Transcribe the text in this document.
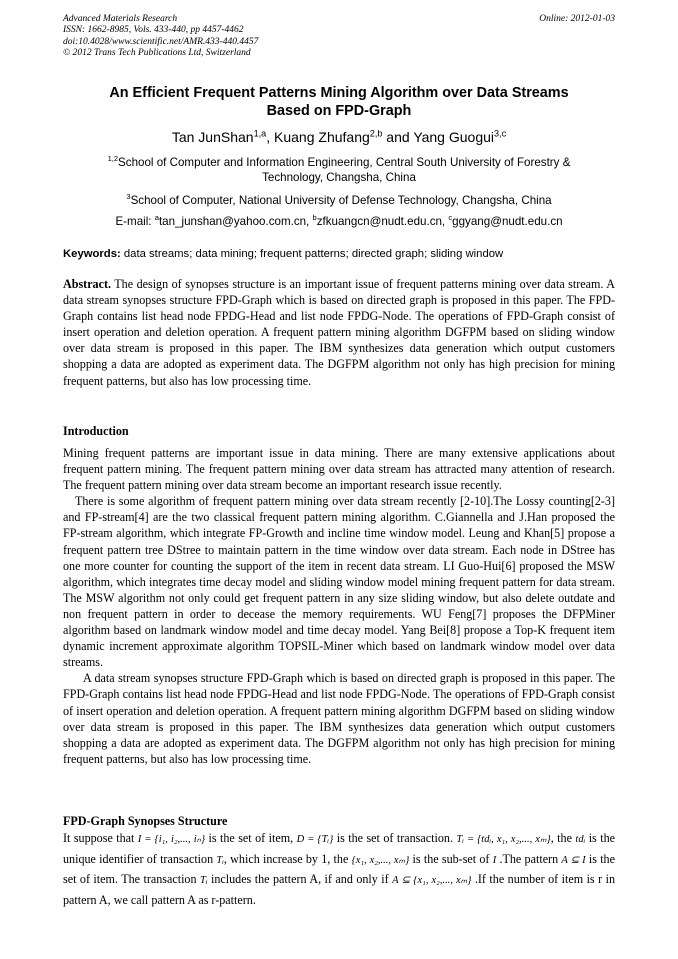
Advanced Materials Research
ISSN: 1662-8985, Vols. 433-440, pp 4457-4462
doi:10.4028/www.scientific.net/AMR.433-440.4457
© 2012 Trans Tech Publications Ltd, Switzerland
Online: 2012-01-03
An Efficient Frequent Patterns Mining Algorithm over Data Streams
Based on FPD-Graph
Tan JunShan$^{1,a}$, Kuang Zhufang$^{2,b}$ and Yang Guogui$^{3,c}$
$^{1,2}$School of Computer and Information Engineering, Central South University of Forestry &
Technology, Changsha, China
$^3$School of Computer, National University of Defense Technology, Changsha, China
E-mail: $^a$tan_junshan@yahoo.com.cn, $^b$zfkuangcn@nudt.edu.cn, $^c$ggyang@nudt.edu.cn
Keywords: data streams; data mining; frequent patterns; directed graph; sliding window
Abstract. The design of synopses structure is an important issue of frequent patterns mining over data stream. A data stream synopses structure FPD-Graph which is based on directed graph is proposed in this paper. The FPD-Graph contains list head node FPDG-Head and list node FPDG-Node. The operations of FPD-Graph consist of insert operation and deletion operation. A frequent pattern mining algorithm DGFPM based on sliding window over data stream is proposed in this paper. The IBM synthesizes data generation which output customers shopping a data are adopted as experiment data. The DGFPM algorithm not only has high precision for mining frequent patterns, but also has low processing time.
Introduction

Mining frequent patterns are important issue in data mining. There are many extensive applications about frequent pattern mining. The frequent pattern mining over data stream has attracted many attention of research. The frequent pattern mining over data stream become an important research issue recently.

There is some algorithm of frequent pattern mining over data stream recently [2-10].The Lossy counting[2-3] and FP-stream[4] are the two classical frequent pattern mining algorithm. C.Giannella and J.Han proposed the FP-stream algorithm, which integrate FP-Growth and incline time window model. Leung and Khan[5] propose a frequent pattern tree DStree to maintain pattern in the time window over data stream. Each node in DStree has one more counter for counting the support of the item in recent data stream. LI Guo-Hui[6] proposed the MSW algorithm, which integrates time decay model and sliding window model mining frequent pattern for data stream. The MSW algorithm not only could get frequent pattern in any size sliding window, but also delete outdate and non frequent pattern in order to decease the memory requirements. WU Feng[7] proposes the DFPMiner algorithm based on landmark window model and time decay model. Yang Bei[8] propose a Top-K frequent item dynamic increment approximate algorithm TOPSIL-Miner which based on landmark window model over data streams.

A data stream synopses structure FPD-Graph which is based on directed graph is proposed in this paper. The FPD-Graph contains list head node FPDG-Head and list node FPDG-Node. The operations of FPD-Graph consist of insert operation and deletion operation. A frequent pattern mining algorithm DGFPM based on sliding window over data stream is proposed in this paper. The IBM synthesizes data generation which output customers shopping a data are adopted as experiment data. The DGFPM algorithm not only has high precision for mining frequent patterns, but also has low processing time.

FPD-Graph Synopses Structure
It suppose that I = {i₁, i₂,..., iₙ} is the set of item, D = {Tᵢ} is the set of transaction. Tᵢ = {tdᵢ, x₁, x₂,..., xₘ}, the tdᵢ is the unique identifier of transaction Tᵢ, which increase by 1, the {x₁, x₂,..., xₘ} is the sub-set of I .The pattern A ⊆ I is the set of item. The transaction Tᵢ includes the pattern A, if and only if A ⊆ {x₁, x₂,..., xₘ} .If the number of item is r in pattern A, we call pattern A as r-pattern.
